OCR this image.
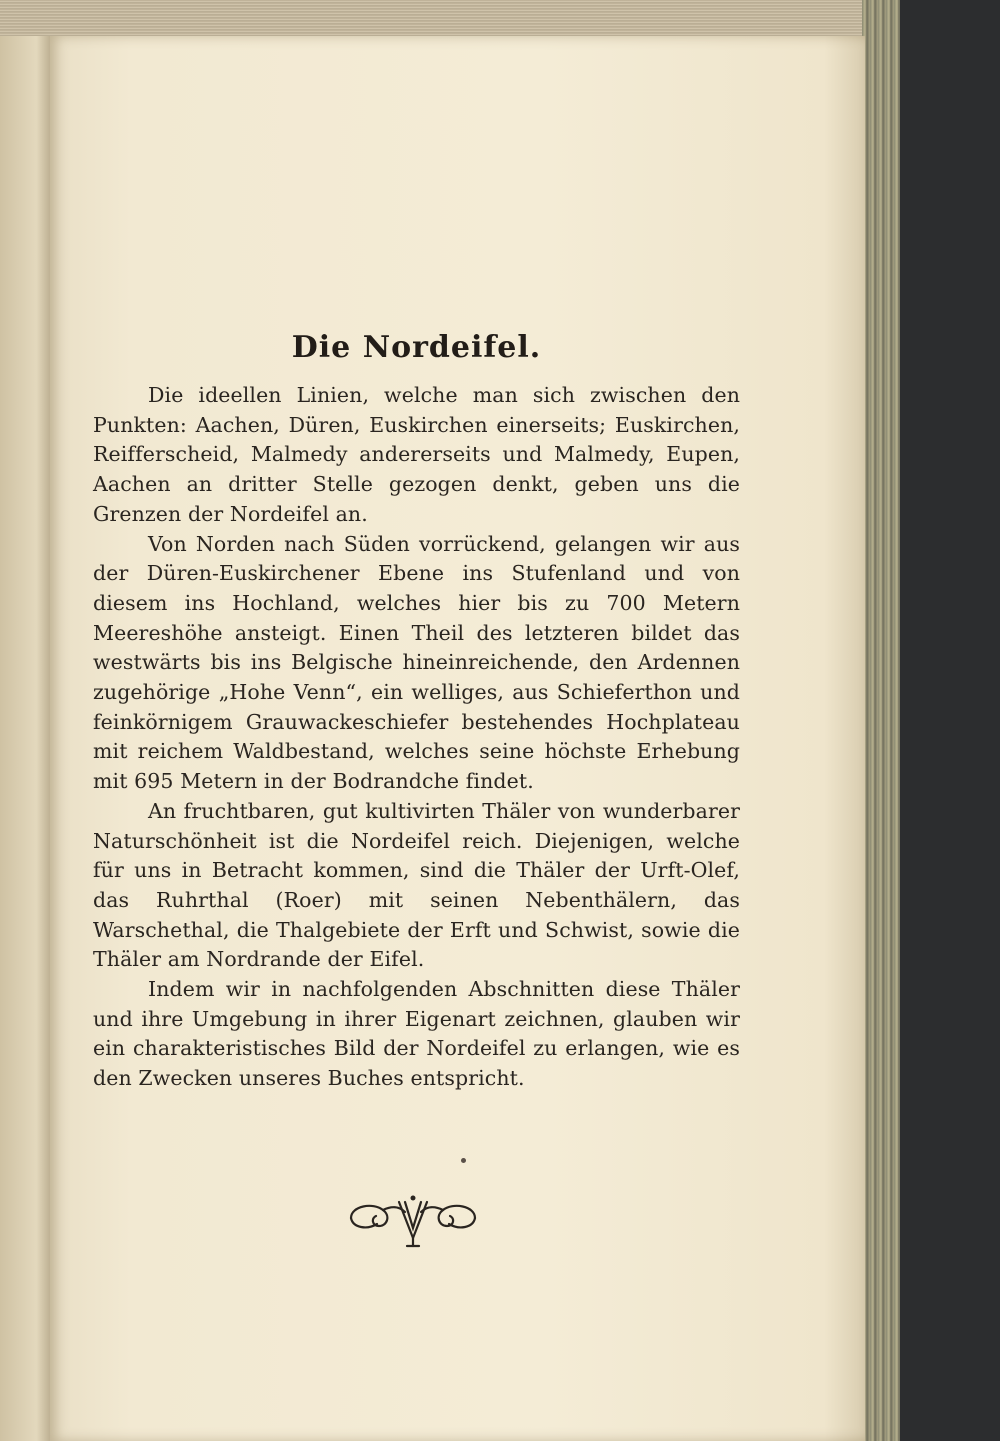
Die Nordeifel.

Die ideellen Linien, welche man sich zwischen den Punkten: Aachen, Düren, Euskirchen einerseits; Euskirchen, Reifferscheid, Malmedy andererseits und Malmedy, Eupen, Aachen an dritter Stelle gezogen denkt, geben uns die Grenzen der Nordeifel an.

Von Norden nach Süden vorrückend, gelangen wir aus der Düren-Euskirchener Ebene ins Stufenland und von diesem ins Hochland, welches hier bis zu 700 Metern Meereshöhe ansteigt. Einen Theil des letzteren bildet das westwärts bis ins Belgische hineinreichende, den Ardennen zugehörige „Hohe Venn“, ein welliges, aus Schieferthon und feinkörnigem Grauwackeschiefer bestehendes Hochplateau mit reichem Waldbestand, welches seine höchste Erhebung mit 695 Metern in der Bodrandche findet.

An fruchtbaren, gut kultivirten Thäler von wunderbarer Naturschönheit ist die Nordeifel reich. Diejenigen, welche für uns in Betracht kommen, sind die Thäler der Urft-Olef, das Ruhrthal (Roer) mit seinen Nebenthälern, das Warschethal, die Thalgebiete der Erft und Schwist, sowie die Thäler am Nordrande der Eifel.

Indem wir in nachfolgenden Abschnitten diese Thäler und ihre Umgebung in ihrer Eigenart zeichnen, glauben wir ein charakteristisches Bild der Nordeifel zu erlangen, wie es den Zwecken unseres Buches entspricht.
